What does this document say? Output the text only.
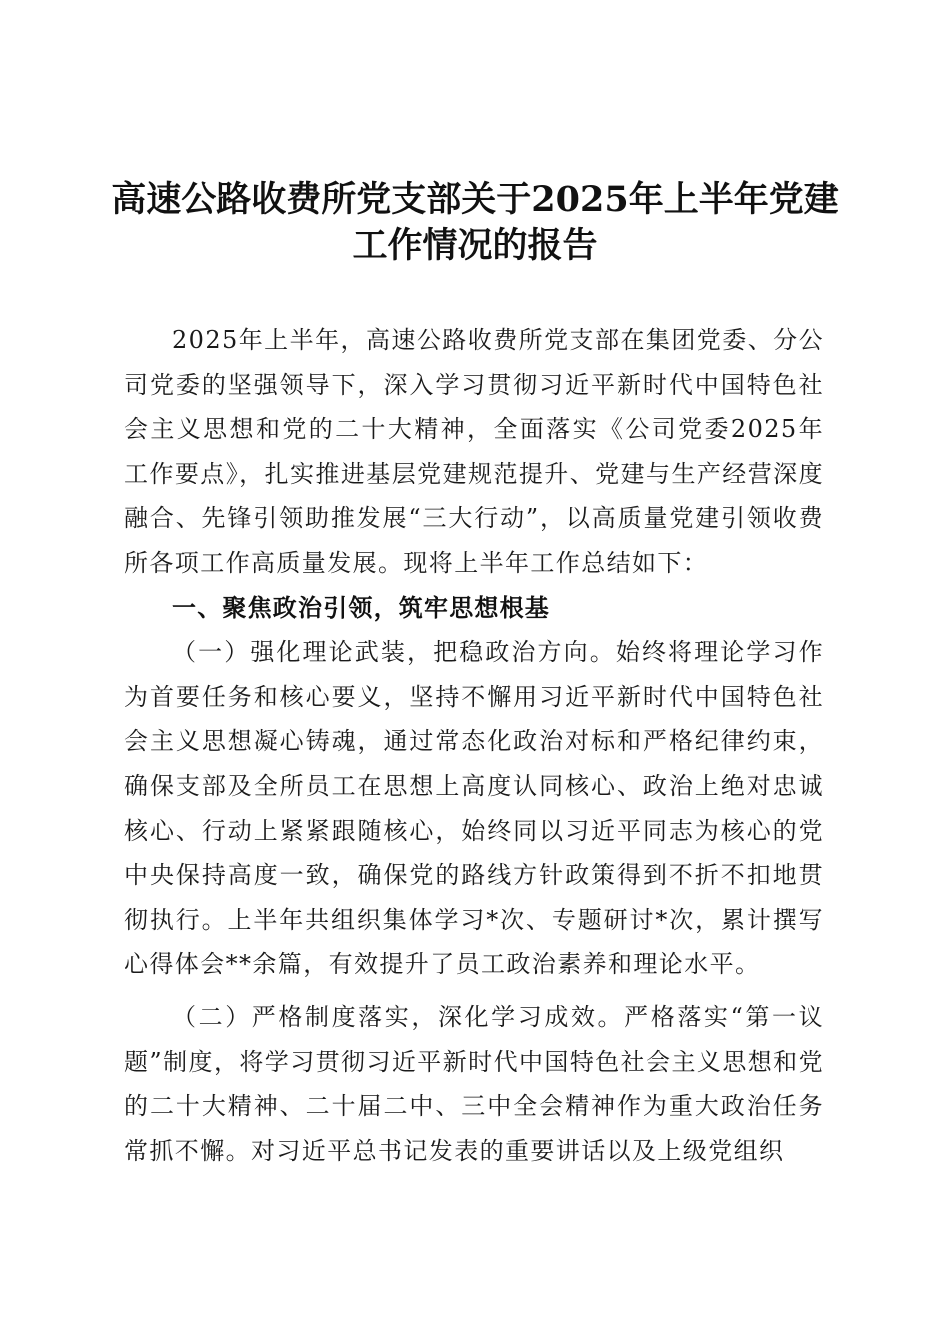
高速公路收费所党支部关于2025年上半年党建工作情况的报告

2025年上半年，高速公路收费所党支部在集团党委、分公司党委的坚强领导下，深入学习贯彻习近平新时代中国特色社会主义思想和党的二十大精神，全面落实《公司党委2025年工作要点》，扎实推进基层党建规范提升、党建与生产经营深度融合、先锋引领助推发展“三大行动”，以高质量党建引领收费所各项工作高质量发展。现将上半年工作总结如下：

一、聚焦政治引领，筑牢思想根基

（一）强化理论武装，把稳政治方向。始终将理论学习作为首要任务和核心要义，坚持不懈用习近平新时代中国特色社会主义思想凝心铸魂，通过常态化政治对标和严格纪律约束，确保支部及全所员工在思想上高度认同核心、政治上绝对忠诚核心、行动上紧紧跟随核心，始终同以习近平同志为核心的党中央保持高度一致，确保党的路线方针政策得到不折不扣地贯彻执行。上半年共组织集体学习*次、专题研讨*次，累计撰写心得体会**余篇，有效提升了员工政治素养和理论水平。

（二）严格制度落实，深化学习成效。严格落实“第一议题”制度，将学习贯彻习近平新时代中国特色社会主义思想和党的二十大精神、二十届二中、三中全会精神作为重大政治任务常抓不懈。对习近平总书记发表的重要讲话以及上级党组织
